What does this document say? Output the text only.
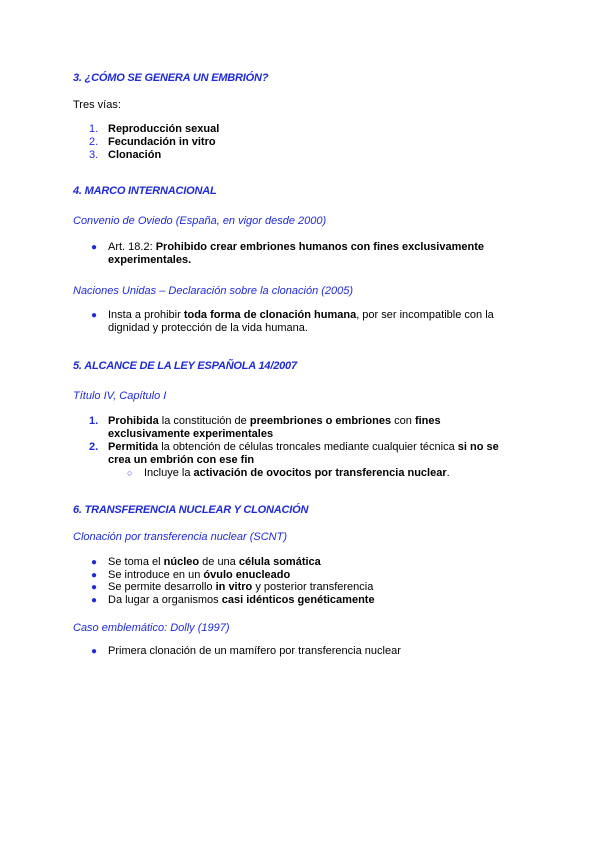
3. ¿CÓMO SE GENERA UN EMBRIÓN?
Tres vías:
1. Reproducción sexual
2. Fecundación in vitro
3. Clonación
4. MARCO INTERNACIONAL
Convenio de Oviedo (España, en vigor desde 2000)
● Art. 18.2: Prohibido crear embriones humanos con fines exclusivamente
experimentales.
Naciones Unidas – Declaración sobre la clonación (2005)
● Insta a prohibir toda forma de clonación humana, por ser incompatible con la
dignidad y protección de la vida humana.
5. ALCANCE DE LA LEY ESPAÑOLA 14/2007
Título IV, Capítulo I
1. Prohibida la constitución de preembriones o embriones con fines
exclusivamente experimentales
2. Permitida la obtención de células troncales mediante cualquier técnica si no se
crea un embrión con ese fin
○ Incluye la activación de ovocitos por transferencia nuclear.
6. TRANSFERENCIA NUCLEAR Y CLONACIÓN
Clonación por transferencia nuclear (SCNT)
● Se toma el núcleo de una célula somática
● Se introduce en un óvulo enucleado
● Se permite desarrollo in vitro y posterior transferencia
● Da lugar a organismos casi idénticos genéticamente
Caso emblemático: Dolly (1997)
● Primera clonación de un mamífero por transferencia nuclear
